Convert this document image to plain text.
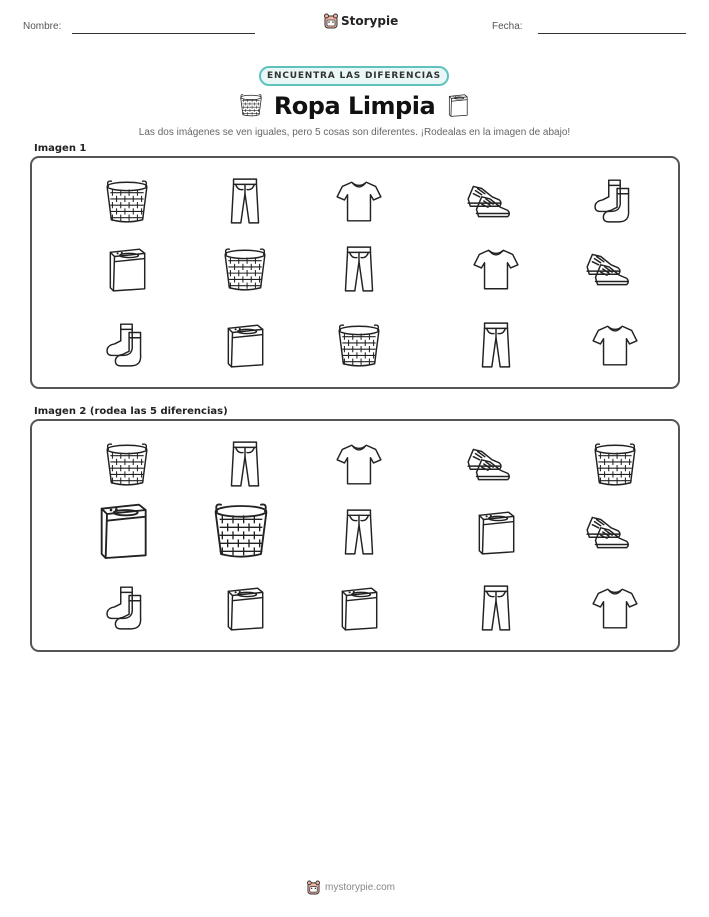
Nombre:	Storypie	Fecha:
ENCUENTRA LAS DIFERENCIAS
Ropa Limpia
Las dos imágenes se ven iguales, pero 5 cosas son diferentes. ¡Rodealas en la imagen de abajo!
Imagen 1
Imagen 2 (rodea las 5 diferencias)
mystorypie.com
